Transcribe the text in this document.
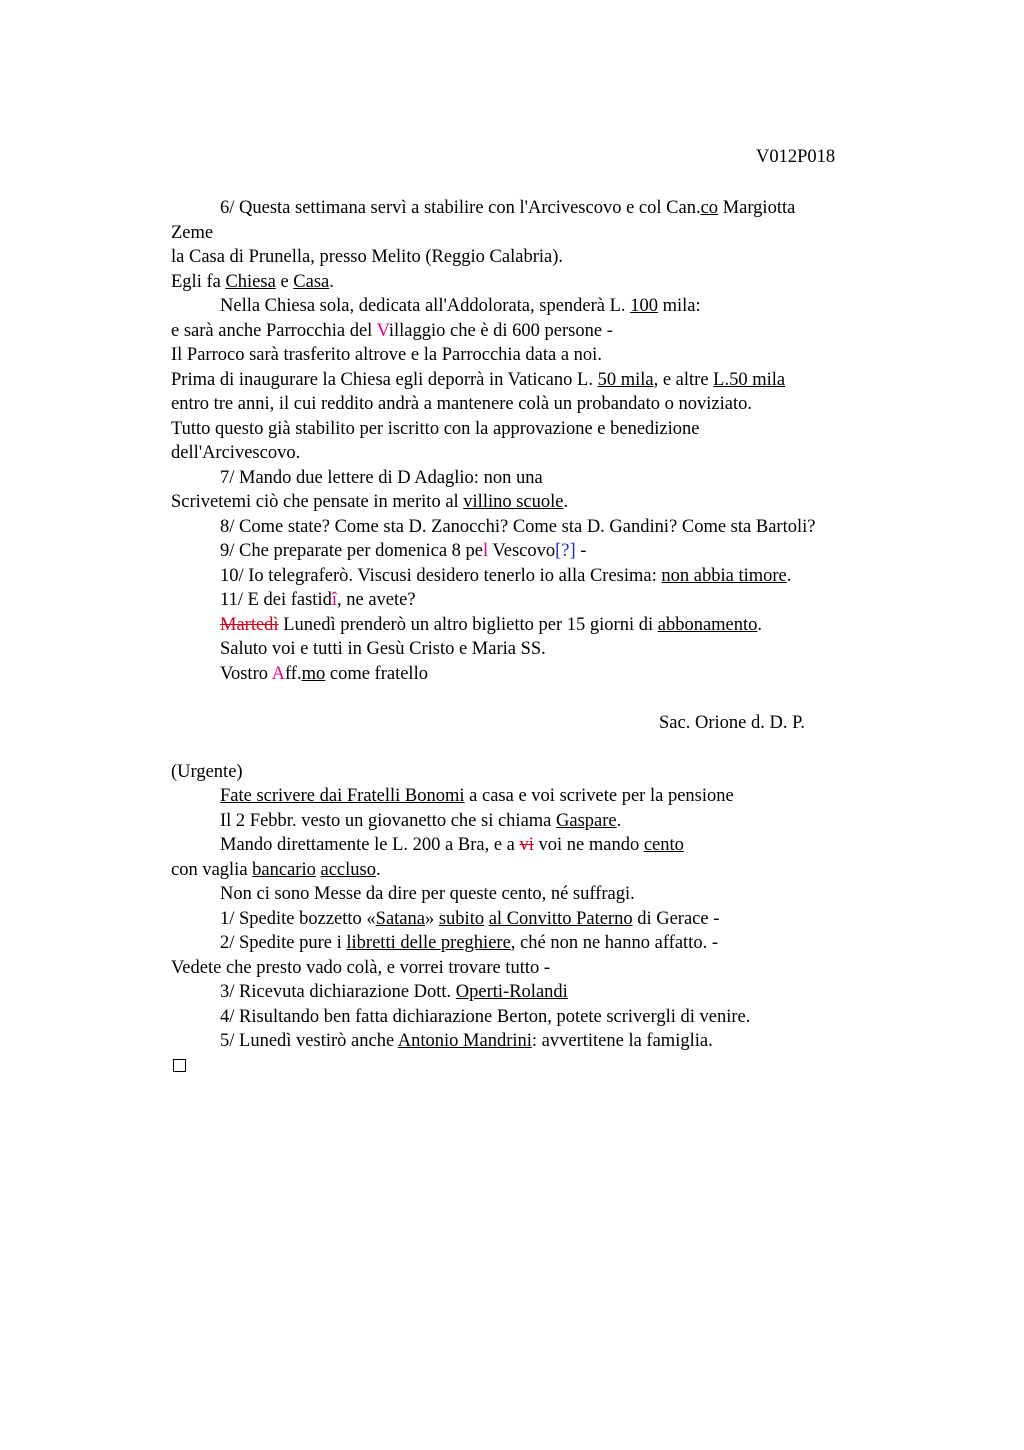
V012P018
6/ Questa settimana servì a stabilire con l'Arcivescovo e col Can.co Margiotta
Zeme
la Casa di Prunella, presso Melito (Reggio Calabria).
Egli fa Chiesa e Casa.
Nella Chiesa sola, dedicata all'Addolorata, spenderà L. 100 mila:
e sarà anche Parrocchia del Villaggio che è di 600 persone -
Il Parroco sarà trasferito altrove e la Parrocchia data a noi.
Prima di inaugurare la Chiesa egli deporrà in Vaticano L. 50 mila, e altre L.50 mila
entro tre anni, il cui reddito andrà a mantenere colà un probandato o noviziato.
Tutto questo già stabilito per iscritto con la approvazione e benedizione
dell'Arcivescovo.
7/ Mando due lettere di D Adaglio: non una
Scrivetemi ciò che pensate in merito al villino scuole.
8/ Come state? Come sta D. Zanocchi? Come sta D. Gandini? Come sta Bartoli?
9/ Che preparate per domenica 8 pel Vescovo[?] -
10/ Io telegraferò. Viscusi desidero tenerlo io alla Cresima: non abbia timore.
11/ E dei fastidî, ne avete?
Martedì Lunedì prenderò un altro biglietto per 15 giorni di abbonamento.
Saluto voi e tutti in Gesù Cristo e Maria SS.
Vostro Aff.mo come fratello
Sac. Orione d. D. P.
(Urgente)
Fate scrivere dai Fratelli Bonomi a casa e voi scrivete per la pensione
Il 2 Febbr. vesto un giovanetto che si chiama Gaspare.
Mando direttamente le L. 200 a Bra, e a vi voi ne mando cento
con vaglia bancario accluso.
Non ci sono Messe da dire per queste cento, né suffragi.
1/ Spedite bozzetto «Satana» subito al Convitto Paterno di Gerace -
2/ Spedite pure i libretti delle preghiere, ché non ne hanno affatto. -
Vedete che presto vado colà, e vorrei trovare tutto -
3/ Ricevuta dichiarazione Dott. Operti-Rolandi
4/ Risultando ben fatta dichiarazione Berton, potete scrivergli di venire.
5/ Lunedì vestirò anche Antonio Mandrini: avvertitene la famiglia.
